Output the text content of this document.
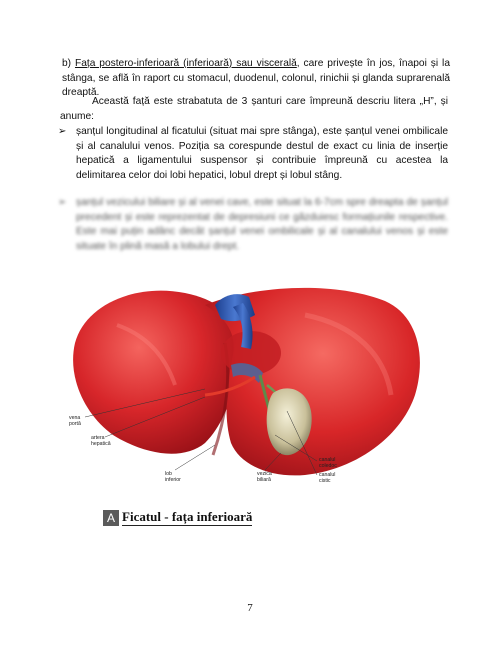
b) Fața postero-inferioară (inferioară) sau viscerală, care privește în jos, înapoi și la stânga, se află în raport cu stomacul, duodenul, colonul, rinichii și glanda suprarenală dreaptă.
Această față este strabatuta de 3 șanturi care împreună descriu litera „H”, și anume:
➢ șanțul longitudinal al ficatului (situat mai spre stânga), este șanțul venei ombilicale și al canalului venos. Poziția sa corespunde destul de exact cu linia de inserție hepatică a ligamentului suspensor și contribuie împreună cu acestea la delimitarea celor doi lobi hepatici, lobul drept și lobul stâng.
➢ șanțul vezicului biliare și al venei cave, este situat la 6-7cm spre dreapta de șanțul precedent și este reprezentat de depresiuni ce găzduiesc formațiunile respective. Este mai puțin adânc decât șanțul venei ombilicale și al canalului venos și este situate în plină masă a lobului drept.
vena
portă
artera
hepatică
lob
inferior
vezica
biliară
canalul
coledoc
canalul
cistic
A Ficatul - fața inferioară
7
